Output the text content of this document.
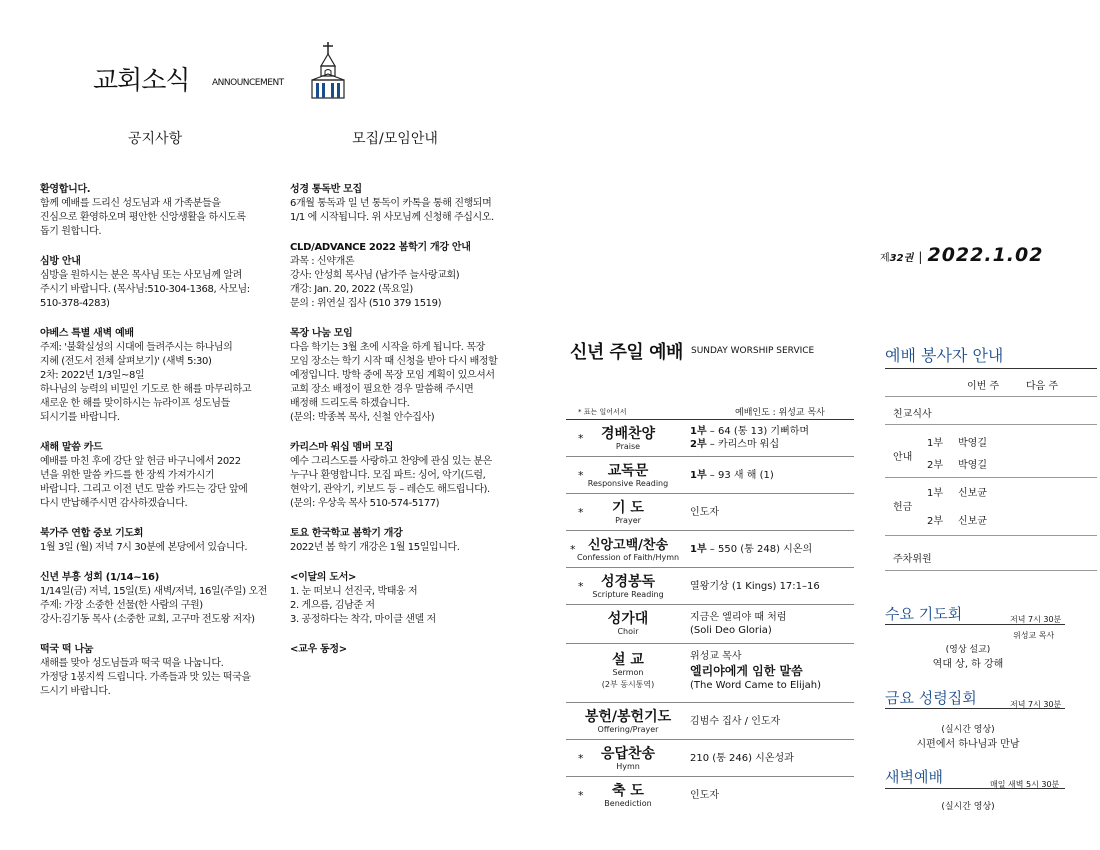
교회소식	ANNOUNCEMENT
공지사항	모집/모임안내

환영합니다.

함께 예배를 드리신 성도님과 새 가족분들을
진심으로 환영하오며 평안한 신앙생활을 하시도록
돕기 원합니다.

심방 안내

심방을 원하시는 분은 목사님 또는 사모님께 알려
주시기 바랍니다. (목사님:510-304-1368, 사모님:
510-378-4283)

야베스 특별 새벽 예배

주제: '불확실성의 시대에 들려주시는 하나님의
지혜 (전도서 전체 살펴보기)' (새벽 5:30)
2차: 2022년 1/3일~8일
하나님의 능력의 비밀인 기도로 한 해를 마무리하고
새로운 한 해를 맞이하시는 뉴라이프 성도님들
되시기를 바랍니다.

새해 말씀 카드

예배를 마친 후에 강단 앞 헌금 바구니에서 2022
년을 위한 말씀 카드를 한 장씩 가져가시기
바랍니다. 그리고 이전 년도 말씀 카드는 강단 앞에
다시 반납해주시면 감사하겠습니다.

북가주 연합 중보 기도회

1월 3일 (월) 저녁 7시 30분에 본당에서 있습니다.

신년 부흥 성회 (1/14~16)

1/14일(금) 저녁, 15일(토) 새벽/저녁, 16일(주일) 오전
주제: 가장 소중한 선물(한 사람의 구원)
강사:김기동 목사 (소중한 교회, 고구마 전도왕 저자)

떡국 떡 나눔

새해를 맞아 성도님들과 떡국 떡을 나눕니다.
가정당 1봉지씩 드립니다. 가족들과 맛 있는 떡국을
드시기 바랍니다.

성경 통독반 모집

6개월 통독과 일 년 통독이 카톡을 통해 진행되며
1/1 에 시작됩니다. 위 사모님께 신청해 주십시오.

CLD/ADVANCE 2022 봄학기 개강 안내

과목 : 신약개론
강사: 안성희 목사님 (남가주 늘사랑교회)
개강: Jan. 20, 2022 (목요일)
문의 : 위연실 집사 (510 379 1519)

목장 나눔 모임

다음 학기는 3월 초에 시작을 하게 됩니다. 목장
모임 장소는 학기 시작 때 신청을 받아 다시 배정할
예정입니다. 방학 중에 목장 모임 계획이 있으셔서
교회 장소 배정이 필요한 경우 말씀해 주시면
배정해 드리도록 하겠습니다.
(문의: 박종복 목사, 신철 안수집사)

카리스마 워십 멤버 모집

예수 그리스도를 사랑하고 찬양에 관심 있는 분은
누구나 환영합니다. 모집 파트: 싱어, 악기(드럼,
현악기, 관악기, 키보드 등 – 레슨도 해드립니다).
(문의: 우상욱 목사 510-574-5177)

토요 한국학교 봄학기 개강

2022년 봄 학기 개강은 1월 15일입니다.

<이달의 도서>

1. 눈 떠보니 선진국, 박태웅 저
2. 게으름, 김남준 저
3. 공정하다는 착각, 마이클 샌델 저

<교우 동정>

제32권 | 2022.1.02
신년 주일 예배 SUNDAY WORSHIP SERVICE
* 표는 일어서서	예배인도 : 위성교 목사
*	경배찬양
Praise
1부 – 64 (통 13) 기뻐하며
2부 – 카리스마 워십
*	교독문
Responsive Reading
1부 – 93 새 해 (1)
*	기 도
Prayer
인도자
* 신앙고백/찬송
Confession of Faith/Hymn
1부 – 550 (통 248) 시온의
*	성경봉독
Scripture Reading
열왕기상 (1 Kings) 17:1–16
성가대
Choir
지금은 엘리야 때 처럼
(Soli Deo Gloria)
설 교
Sermon
(2부 동시통역)
위성교 목사
엘리야에게 임한 말씀
(The Word Came to Elijah)
봉헌/봉헌기도
Offering/Prayer
김범수 집사 / 인도자
*	응답찬송
Hymn
210 (통 246) 시온성과
*	축 도
Benediction
인도자
예배 봉사자 안내
이번 주	다음 주
친교식사
안내
1부 박영길
2부 박영길
헌금
1부 신보균
2부 신보균
주차위원
수요 기도회	저녁 7시 30분
위성교 목사
(영상 설교)
역대 상, 하 강해
금요 성령집회	저녁 7시 30분
(실시간 영상)
시편에서 하나님과 만남
새벽예배	매일 새벽 5시 30분
(실시간 영상)
